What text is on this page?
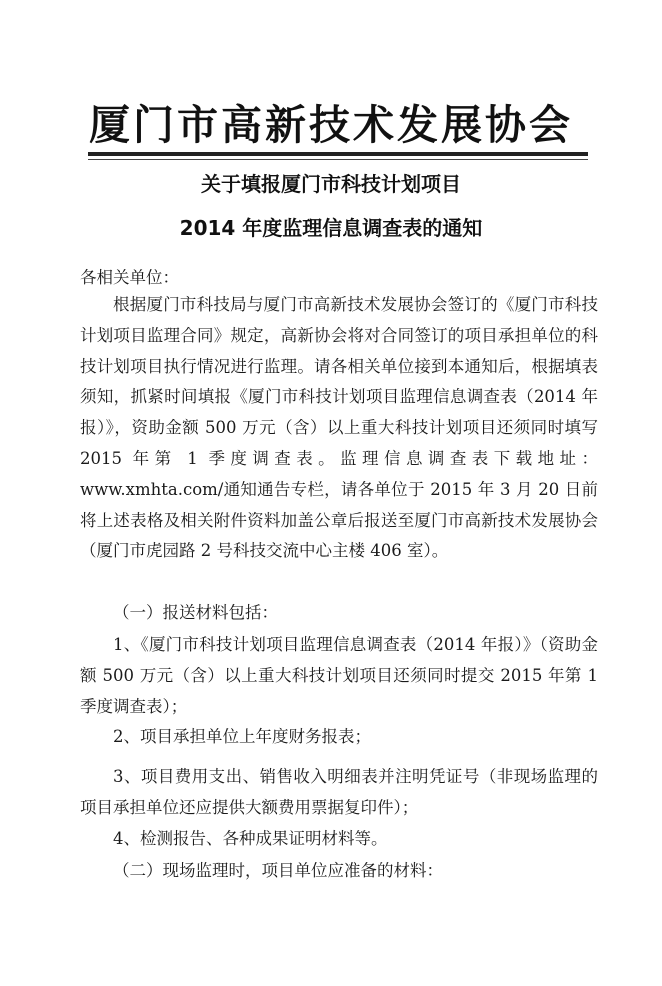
厦门市高新技术发展协会
关于填报厦门市科技计划项目
2014 年度监理信息调查表的通知
各相关单位：

根据厦门市科技局与厦门市高新技术发展协会签订的《厦门市科技计划项目监理合同》规定，高新协会将对合同签订的项目承担单位的科技计划项目执行情况进行监理。请各相关单位接到本通知后，根据填表须知，抓紧时间填报《厦门市科技计划项目监理信息调查表（2014 年报）》，资助金额 500 万元（含）以上重大科技计划项目还须同时填写 2015 年第 1 季度调查表。监理信息调查表下载地址：www.xmhta.com/通知通告专栏，请各单位于 2015 年 3 月 20 日前将上述表格及相关附件资料加盖公章后报送至厦门市高新技术发展协会（厦门市虎园路 2 号科技交流中心主楼 406 室）。

（一）报送材料包括：

1、《厦门市科技计划项目监理信息调查表（2014 年报）》（资助金额 500 万元（含）以上重大科技计划项目还须同时提交 2015 年第 1 季度调查表）；

2、项目承担单位上年度财务报表；

3、项目费用支出、销售收入明细表并注明凭证号（非现场监理的项目承担单位还应提供大额费用票据复印件）；

4、检测报告、各种成果证明材料等。

（二）现场监理时，项目单位应准备的材料：
